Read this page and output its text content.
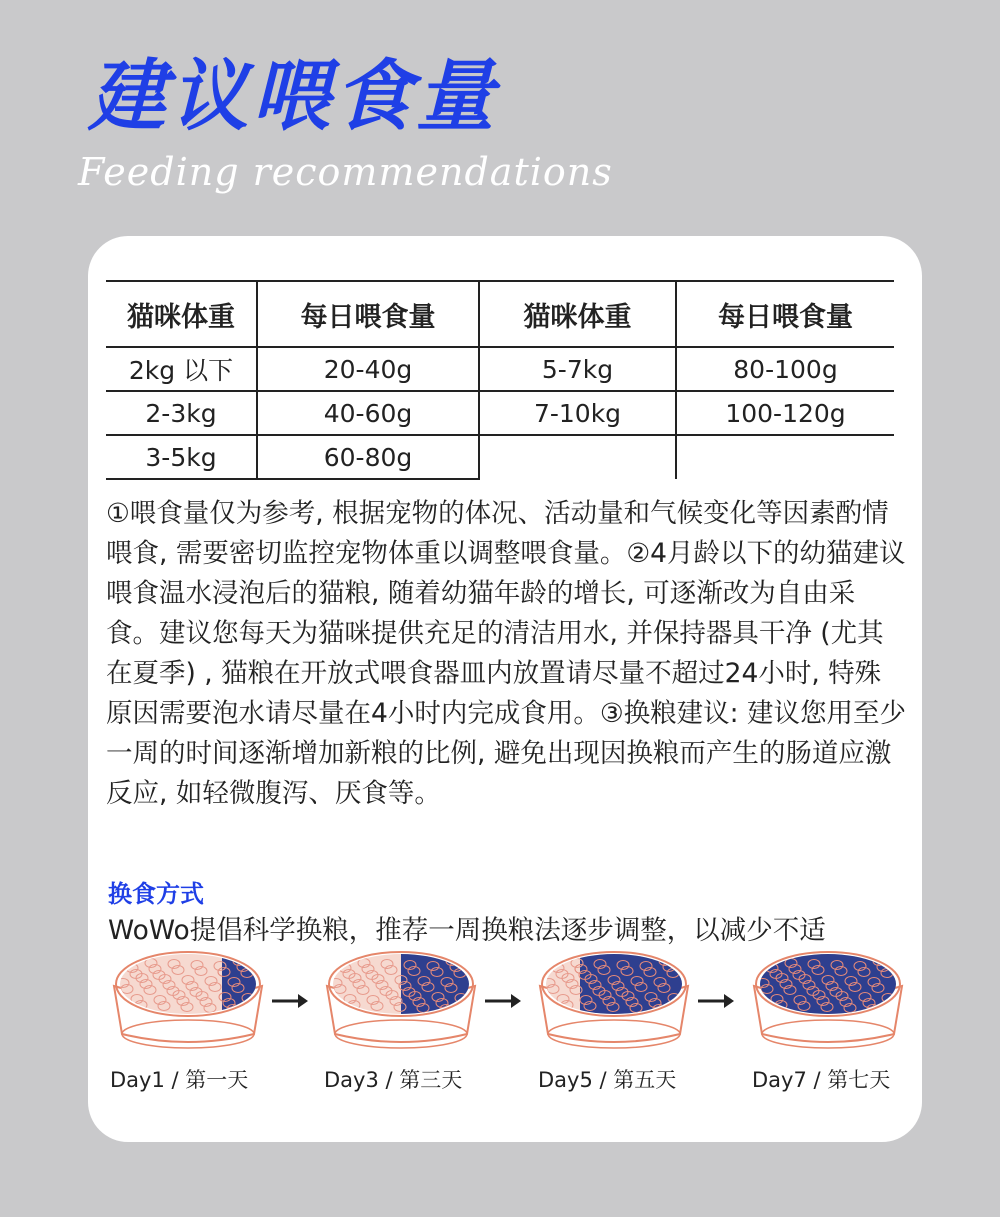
建议喂食量
Feeding recommendations
猫咪体重	每日喂食量	猫咪体重	每日喂食量
2kg 以下	20-40g	5-7kg	80-100g
2-3kg	40-60g	7-10kg	100-120g
3-5kg	60-80g		
①喂食量仅为参考, 根据宠物的体况、活动量和气候变化等因素酌情喂食, 需要密切监控宠物体重以调整喂食量。②4月龄以下的幼猫建议喂食温水浸泡后的猫粮, 随着幼猫年龄的增长, 可逐渐改为自由采食。建议您每天为猫咪提供充足的清洁用水, 并保持器具干净 (尤其在夏季) , 猫粮在开放式喂食器皿内放置请尽量不超过24小时, 特殊原因需要泡水请尽量在4小时内完成食用。③换粮建议: 建议您用至少一周的时间逐渐增加新粮的比例, 避免出现因换粮而产生的肠道应激反应, 如轻微腹泻、厌食等。
换食方式
WoWo提倡科学换粮，推荐一周换粮法逐步调整，以减少不适
Day1 / 第一天	Day3 / 第三天	Day5 / 第五天	Day7 / 第七天
